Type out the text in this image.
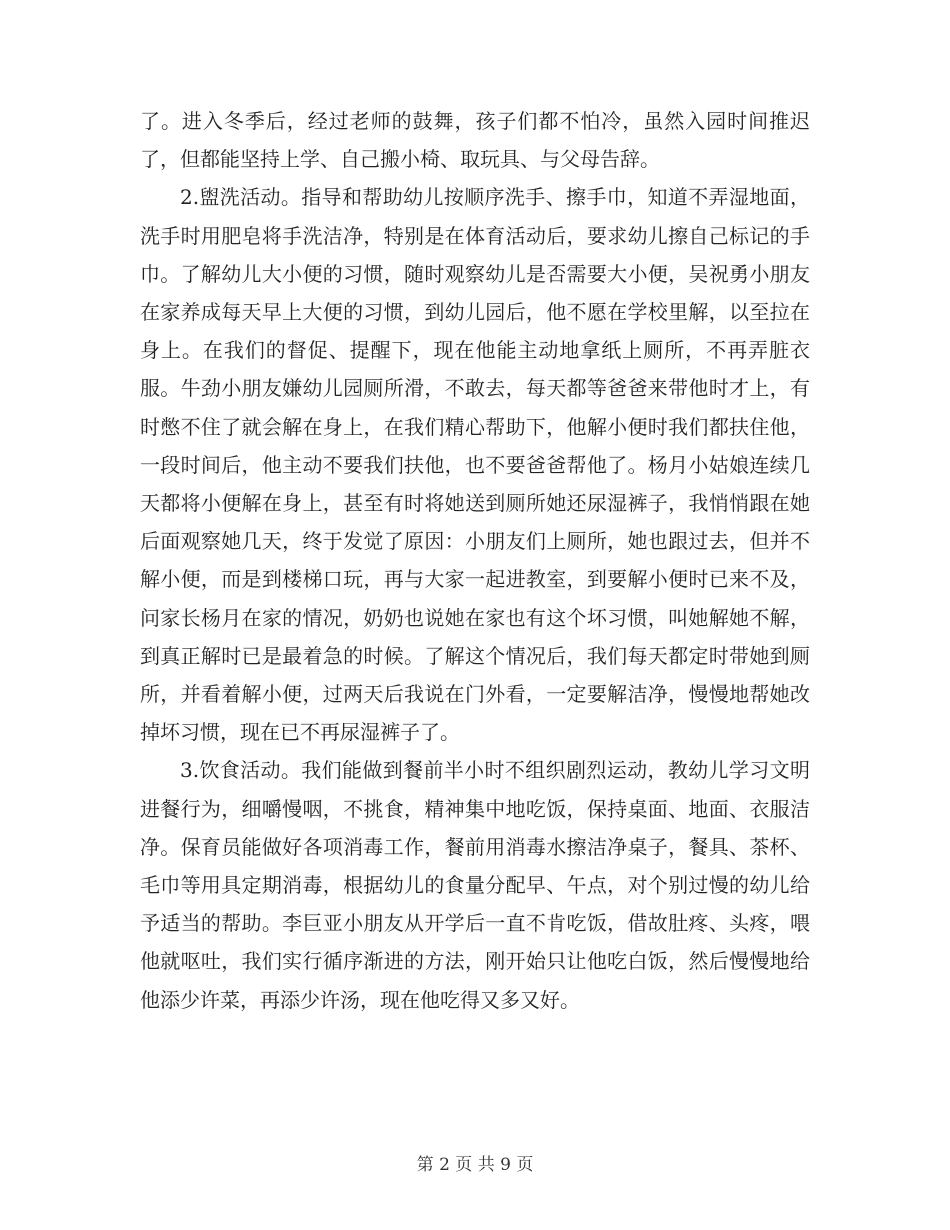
了。进入冬季后，经过老师的鼓舞，孩子们都不怕冷，虽然入园时间推迟了，但都能坚持上学、自己搬小椅、取玩具、与父母告辞。

2.盥洗活动。指导和帮助幼儿按顺序洗手、擦手巾，知道不弄湿地面，洗手时用肥皂将手洗洁净，特别是在体育活动后，要求幼儿擦自己标记的手巾。了解幼儿大小便的习惯，随时观察幼儿是否需要大小便，吴祝勇小朋友在家养成每天早上大便的习惯，到幼儿园后，他不愿在学校里解，以至拉在身上。在我们的督促、提醒下，现在他能主动地拿纸上厕所，不再弄脏衣服。牛劲小朋友嫌幼儿园厕所滑，不敢去，每天都等爸爸来带他时才上，有时憋不住了就会解在身上，在我们精心帮助下，他解小便时我们都扶住他，一段时间后，他主动不要我们扶他，也不要爸爸帮他了。杨月小姑娘连续几天都将小便解在身上，甚至有时将她送到厕所她还尿湿裤子，我悄悄跟在她后面观察她几天，终于发觉了原因：小朋友们上厕所，她也跟过去，但并不解小便，而是到楼梯口玩，再与大家一起进教室，到要解小便时已来不及，问家长杨月在家的情况，奶奶也说她在家也有这个坏习惯，叫她解她不解，到真正解时已是最着急的时候。了解这个情况后，我们每天都定时带她到厕所，并看着解小便，过两天后我说在门外看，一定要解洁净，慢慢地帮她改掉坏习惯，现在已不再尿湿裤子了。

3.饮食活动。我们能做到餐前半小时不组织剧烈运动，教幼儿学习文明进餐行为，细嚼慢咽，不挑食，精神集中地吃饭，保持桌面、地面、衣服洁净。保育员能做好各项消毒工作，餐前用消毒水擦洁净桌子，餐具、茶杯、毛巾等用具定期消毒，根据幼儿的食量分配早、午点，对个别过慢的幼儿给予适当的帮助。李巨亚小朋友从开学后一直不肯吃饭，借故肚疼、头疼，喂他就呕吐，我们实行循序渐进的方法，刚开始只让他吃白饭，然后慢慢地给他添少许菜，再添少许汤，现在他吃得又多又好。

第 2 页 共 9 页
